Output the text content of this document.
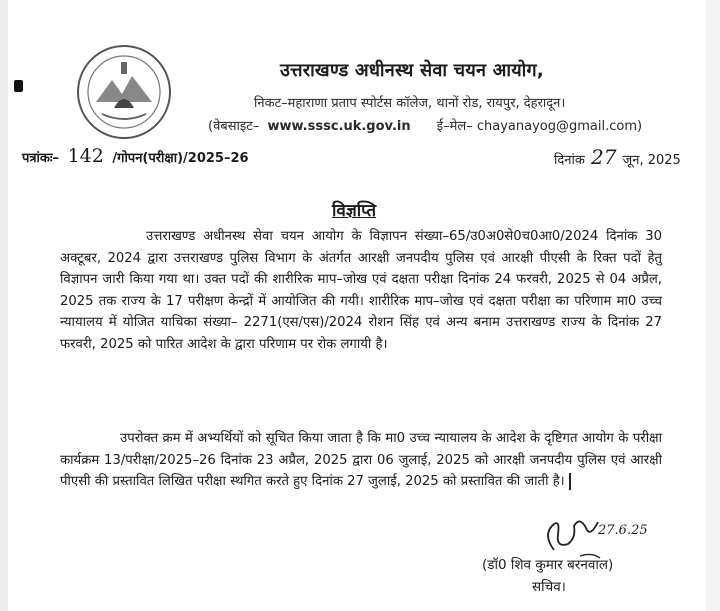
उत्तराखण्ड अधीनस्थ सेवा चयन आयोग,
निकट–महाराणा प्रताप स्पोर्टस कॉलेज, थानों रोड, रायपुर, देहरादून।
(वेबसाइट– www.sssc.uk.gov.in ई–मेल– chayanayog@gmail.com)
पत्रांकः– 142 /गोपन(परीक्षा)/2025–26	दिनांक 27 जून, 2025
विज्ञप्ति
उत्तराखण्ड अधीनस्थ सेवा चयन आयोग के विज्ञापन संख्या–65/उ0अ0से0च0आ0/2024 दिनांक 30 अक्टूबर, 2024 द्वारा उत्तराखण्ड पुलिस विभाग के अंतर्गत आरक्षी जनपदीय पुलिस एवं आरक्षी पीएसी के रिक्त पदों हेतु विज्ञापन जारी किया गया था। उक्त पदों की शारीरिक माप–जोख एवं दक्षता परीक्षा दिनांक 24 फरवरी, 2025 से 04 अप्रैल, 2025 तक राज्य के 17 परीक्षण केन्द्रों में आयोजित की गयी। शारीरिक माप–जोख एवं दक्षता परीक्षा का परिणाम मा0 उच्च न्यायालय में योजित याचिका संख्या– 2271(एस/एस)/2024 रोशन सिंह एवं अन्य बनाम उत्तराखण्ड राज्य के दिनांक 27 फरवरी, 2025 को पारित आदेश के द्वारा परिणाम पर रोक लगायी है।
उपरोक्त क्रम में अभ्यर्थियों को सूचित किया जाता है कि मा0 उच्च न्यायालय के आदेश के दृष्टिगत आयोग के परीक्षा कार्यक्रम 13/परीक्षा/2025–26 दिनांक 23 अप्रैल, 2025 द्वारा 06 जुलाई, 2025 को आरक्षी जनपदीय पुलिस एवं आरक्षी पीएसी की प्रस्तावित लिखित परीक्षा स्थगित करते हुए दिनांक 27 जुलाई, 2025 को प्रस्तावित की जाती है।
27.6.25
(डॉ0 शिव कुमार बरनवाल)
सचिव।
